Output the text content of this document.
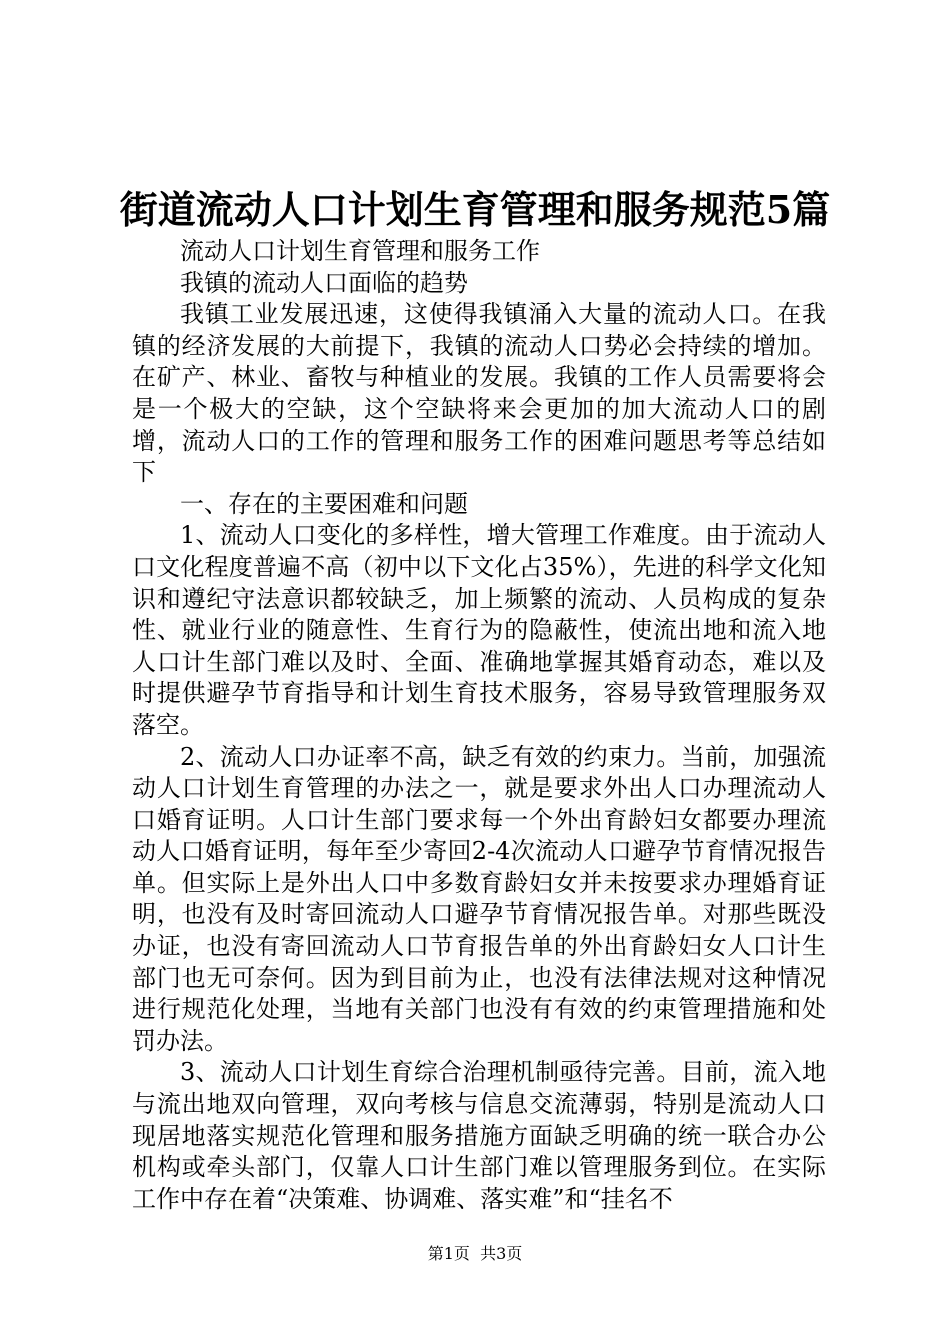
街道流动人口计划生育管理和服务规范5篇

流动人口计划生育管理和服务工作

我镇的流动人口面临的趋势

我镇工业发展迅速，这使得我镇涌入大量的流动人口。在我镇的经济发展的大前提下，我镇的流动人口势必会持续的增加。在矿产、林业、畜牧与种植业的发展。我镇的工作人员需要将会是一个极大的空缺，这个空缺将来会更加的加大流动人口的剧增，流动人口的工作的管理和服务工作的困难问题思考等总结如下

一、存在的主要困难和问题

1、流动人口变化的多样性，增大管理工作难度。由于流动人口文化程度普遍不高（初中以下文化占35%），先进的科学文化知识和遵纪守法意识都较缺乏，加上频繁的流动、人员构成的复杂性、就业行业的随意性、生育行为的隐蔽性，使流出地和流入地人口计生部门难以及时、全面、准确地掌握其婚育动态，难以及时提供避孕节育指导和计划生育技术服务，容易导致管理服务双落空。

2、流动人口办证率不高，缺乏有效的约束力。当前，加强流动人口计划生育管理的办法之一，就是要求外出人口办理流动人口婚育证明。人口计生部门要求每一个外出育龄妇女都要办理流动人口婚育证明，每年至少寄回2-4次流动人口避孕节育情况报告单。但实际上是外出人口中多数育龄妇女并未按要求办理婚育证明，也没有及时寄回流动人口避孕节育情况报告单。对那些既没办证，也没有寄回流动人口节育报告单的外出育龄妇女人口计生部门也无可奈何。因为到目前为止，也没有法律法规对这种情况进行规范化处理，当地有关部门也没有有效的约束管理措施和处罚办法。

3、流动人口计划生育综合治理机制亟待完善。目前，流入地与流出地双向管理，双向考核与信息交流薄弱，特别是流动人口现居地落实规范化管理和服务措施方面缺乏明确的统一联合办公机构或牵头部门，仅靠人口计生部门难以管理服务到位。在实际工作中存在着“决策难、协调难、落实难”和“挂名不

第1页  共3页
